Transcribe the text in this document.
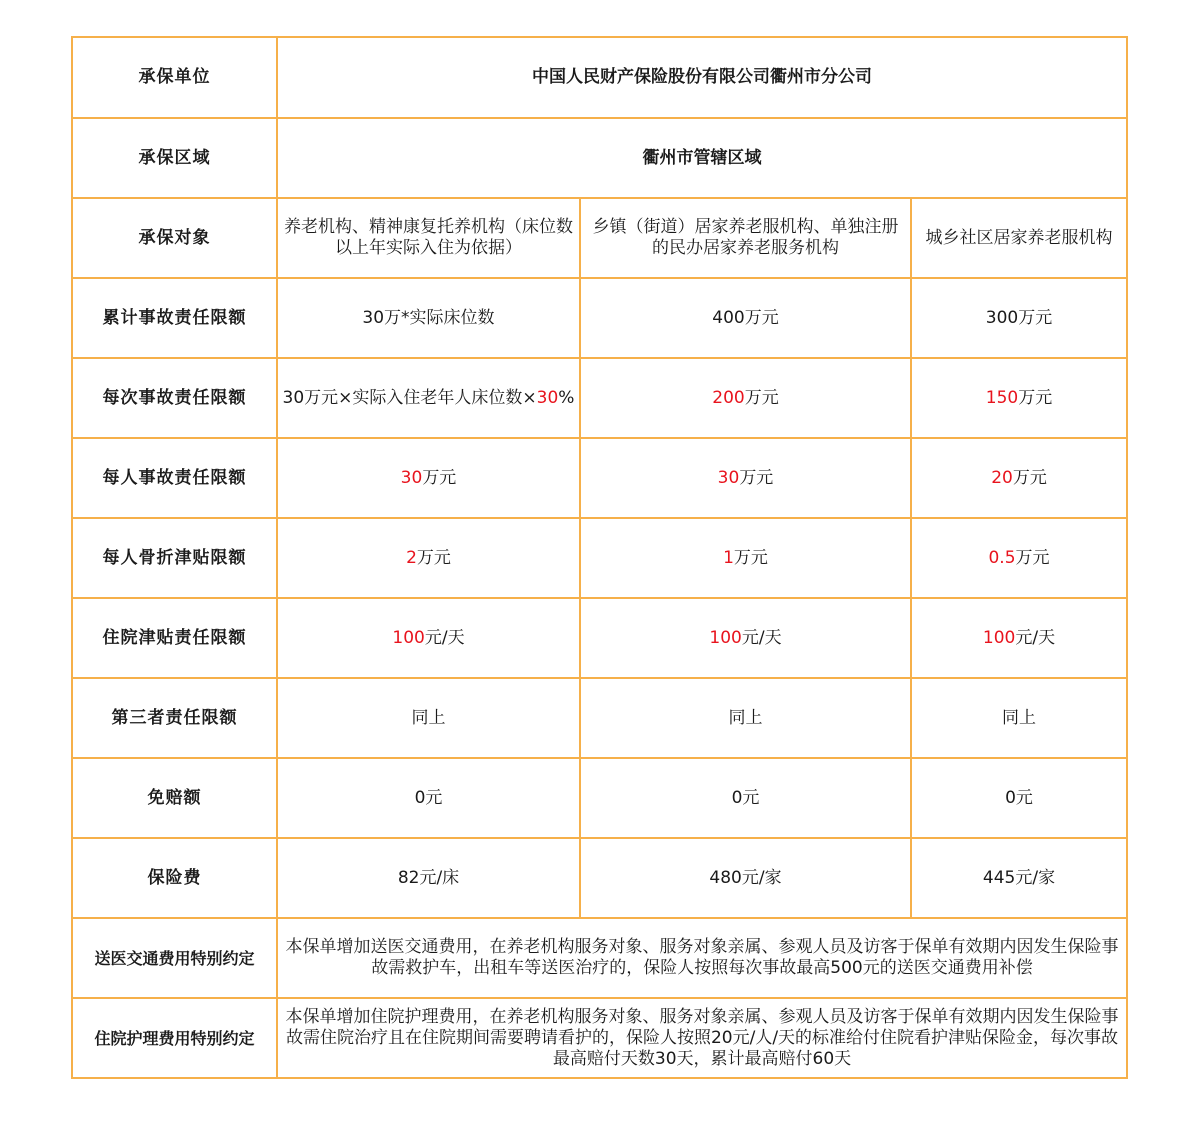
承保单位	中国人民财产保险股份有限公司衢州市分公司		
承保区域	衢州市管辖区域		
承保对象	养老机构、精神康复托养机构（床位数以上年实际入住为依据）	乡镇（街道）居家养老服机构、单独注册的民办居家养老服务机构	城乡社区居家养老服机构
累计事故责任限额	30万*实际床位数	400万元	300万元
每次事故责任限额	30万元×实际入住老年人床位数×30%	200万元	150万元
每人事故责任限额	30万元	30万元	20万元
每人骨折津贴限额	2万元	1万元	0.5万元
住院津贴责任限额	100元/天	100元/天	100元/天
第三者责任限额	同上	同上	同上
免赔额	0元	0元	0元
保险费	82元/床	480元/家	445元/家
送医交通费用特别约定	本保单增加送医交通费用，在养老机构服务对象、服务对象亲属、参观人员及访客于保单有效期内因发生保险事故需救护车，出租车等送医治疗的，保险人按照每次事故最高500元的送医交通费用补偿		
住院护理费用特别约定	本保单增加住院护理费用，在养老机构服务对象、服务对象亲属、参观人员及访客于保单有效期内因发生保险事故需住院治疗且在住院期间需要聘请看护的，保险人按照20元/人/天的标准给付住院看护津贴保险金，每次事故最高赔付天数30天，累计最高赔付60天		
